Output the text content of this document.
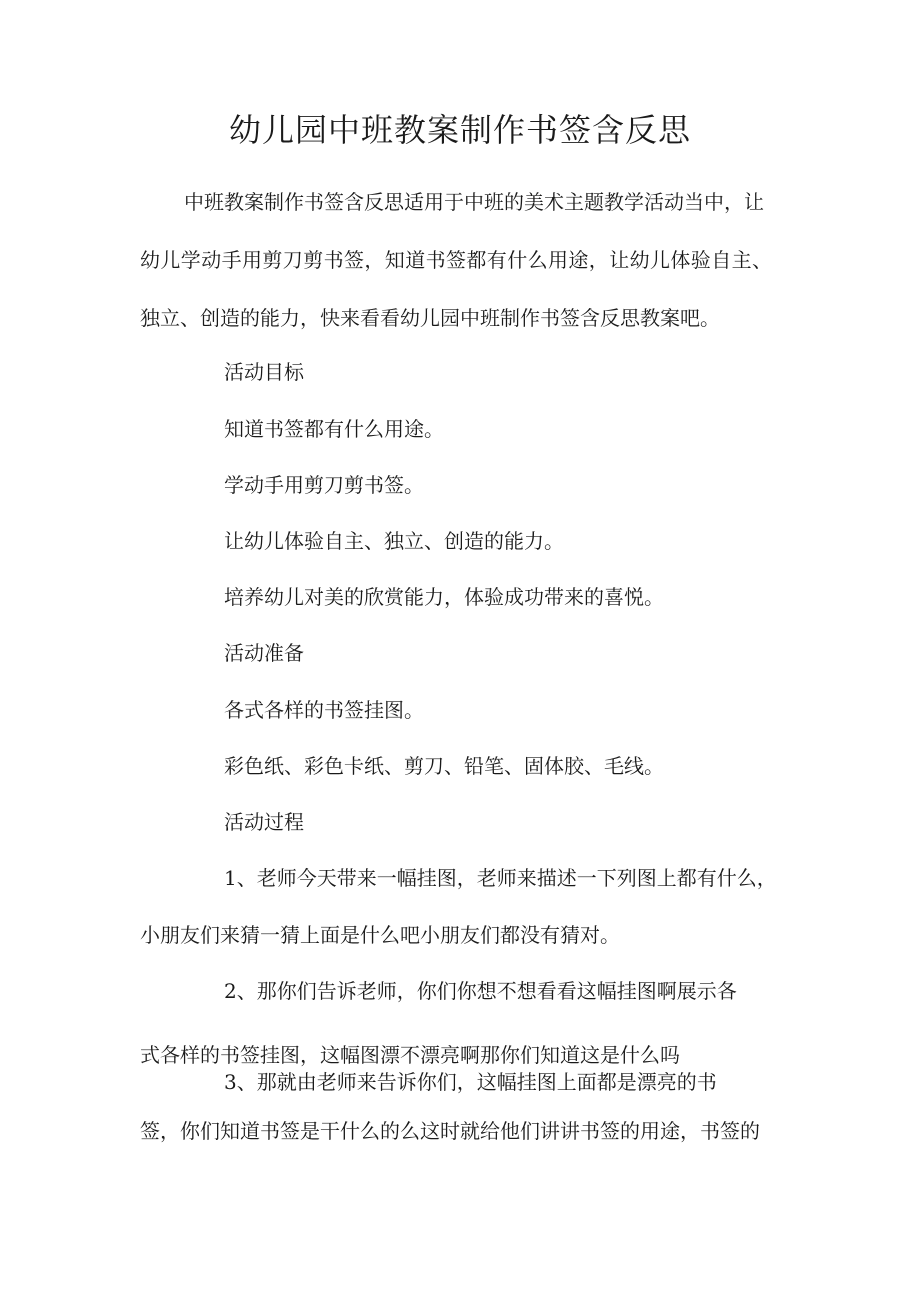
幼儿园中班教案制作书签含反思
中班教案制作书签含反思适用于中班的美术主题教学活动当中，让
幼儿学动手用剪刀剪书签，知道书签都有什么用途，让幼儿体验自主、
独立、创造的能力，快来看看幼儿园中班制作书签含反思教案吧。
活动目标
知道书签都有什么用途。
学动手用剪刀剪书签。
让幼儿体验自主、独立、创造的能力。
培养幼儿对美的欣赏能力，体验成功带来的喜悦。
活动准备
各式各样的书签挂图。
彩色纸、彩色卡纸、剪刀、铅笔、固体胶、毛线。
活动过程
1、老师今天带来一幅挂图，老师来描述一下列图上都有什么，
小朋友们来猜一猜上面是什么吧小朋友们都没有猜对。
2、那你们告诉老师，你们你想不想看看这幅挂图啊展示各
式各样的书签挂图，这幅图漂不漂亮啊那你们知道这是什么吗
3、那就由老师来告诉你们，这幅挂图上面都是漂亮的书
签，你们知道书签是干什么的么这时就给他们讲讲书签的用途，书签的
